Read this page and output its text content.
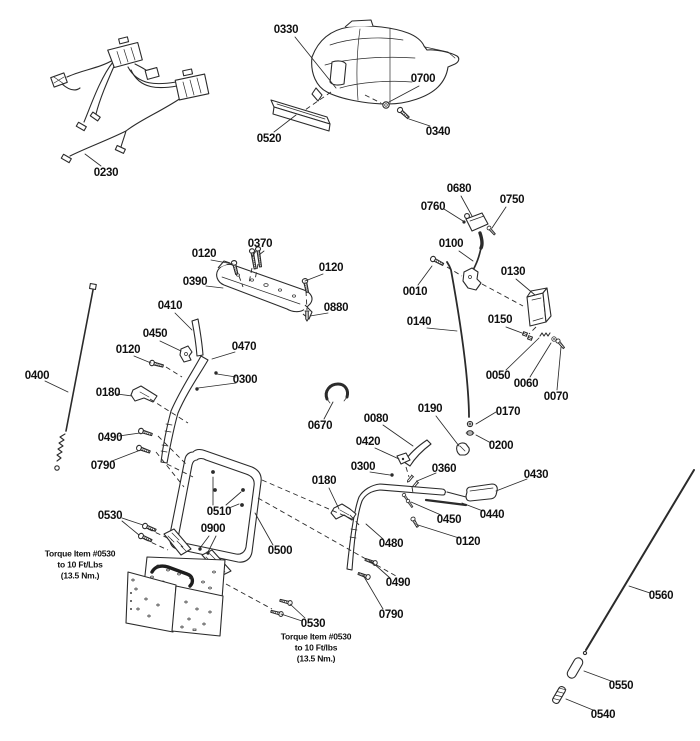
0330
0700
0340
0520
0230
0680
0760
0750
0100
0130
0010
0140	0150
0050
0060
0070
0190	0170
0200
0370
0120
0120
0390
0880
0410
0450
0120	0470
0300
0180
0400
0490
0790
0670
0080
0420
0300	0360	0430
0180
0440
0450
0120
0480
0510
0900
0530
0500
0490
0790
0530
0560
0550
0540
Torque Item #0530
to 10 Ft/Lbs
(13.5 Nm.)
Torque Item #0530
to 10 Ft/lbs
(13.5 Nm.)
